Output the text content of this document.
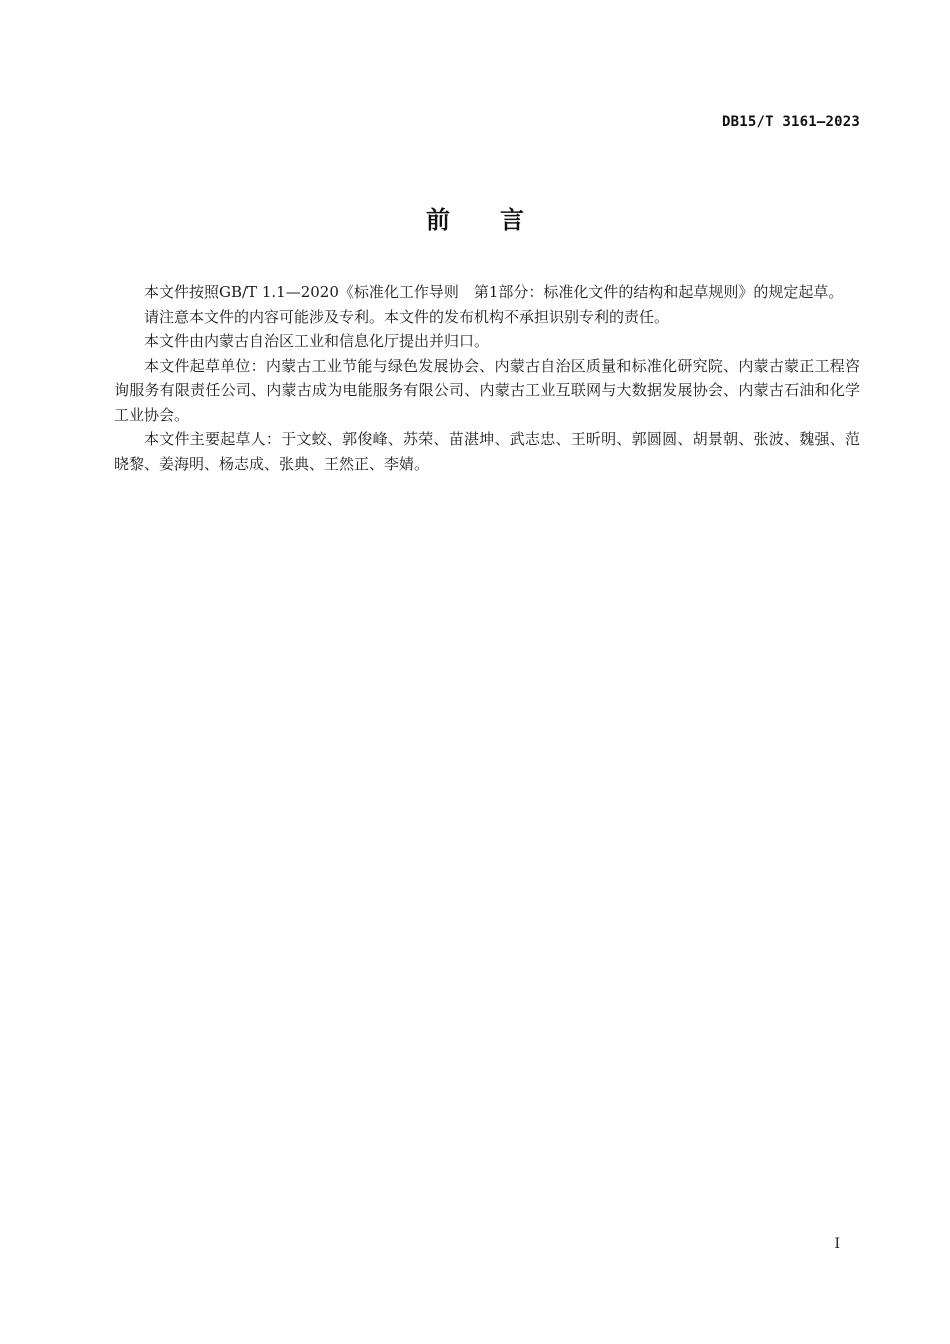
DB15/T 3161—2023
前言

本文件按照GB/T 1.1—2020《标准化工作导则　第1部分：标准化文件的结构和起草规则》的规定起草。

请注意本文件的内容可能涉及专利。本文件的发布机构不承担识别专利的责任。

本文件由内蒙古自治区工业和信息化厅提出并归口。

本文件起草单位：内蒙古工业节能与绿色发展协会、内蒙古自治区质量和标准化研究院、内蒙古蒙正工程咨询服务有限责任公司、内蒙古成为电能服务有限公司、内蒙古工业互联网与大数据发展协会、内蒙古石油和化学工业协会。

本文件主要起草人：于文蛟、郭俊峰、苏荣、苗湛坤、武志忠、王昕明、郭圆圆、胡景朝、张波、魏强、范晓黎、姜海明、杨志成、张典、王然正、李婧。

I
